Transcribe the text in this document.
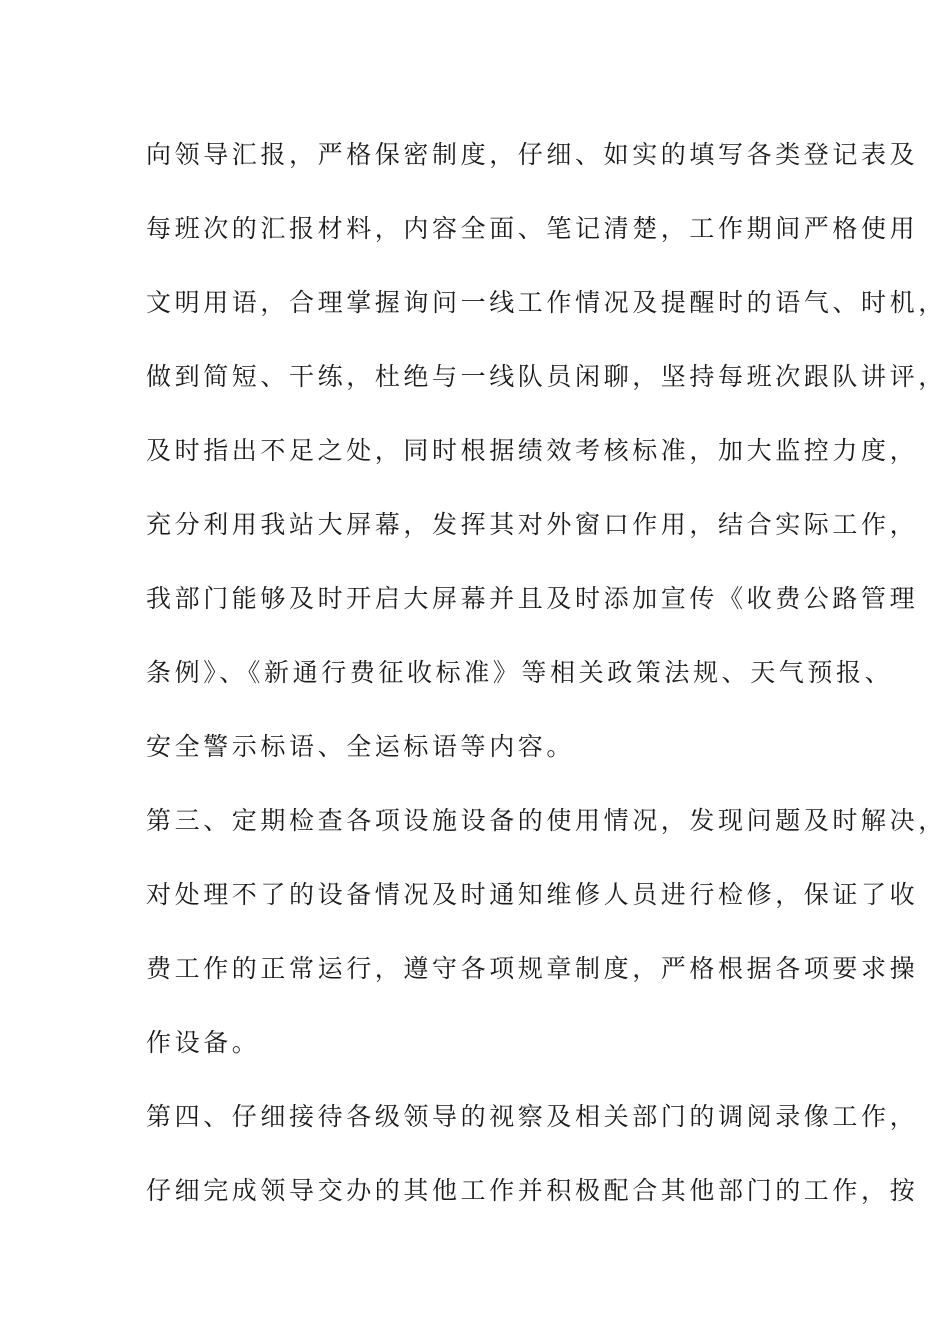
向领导汇报，严格保密制度，仔细、如实的填写各类登记表及
每班次的汇报材料，内容全面、笔记清楚，工作期间严格使用
文明用语，合理掌握询问一线工作情况及提醒时的语气、时机，
做到简短、干练，杜绝与一线队员闲聊，坚持每班次跟队讲评，
及时指出不足之处，同时根据绩效考核标准，加大监控力度，
充分利用我站大屏幕，发挥其对外窗口作用，结合实际工作，
我部门能够及时开启大屏幕并且及时添加宣传《收费公路管理
条例》、《新通行费征收标准》等相关政策法规、天气预报、
安全警示标语、全运标语等内容。
第三、定期检查各项设施设备的使用情况，发现问题及时解决，
对处理不了的设备情况及时通知维修人员进行检修，保证了收
费工作的正常运行，遵守各项规章制度，严格根据各项要求操
作设备。
第四、仔细接待各级领导的视察及相关部门的调阅录像工作，
仔细完成领导交办的其他工作并积极配合其他部门的工作，按
